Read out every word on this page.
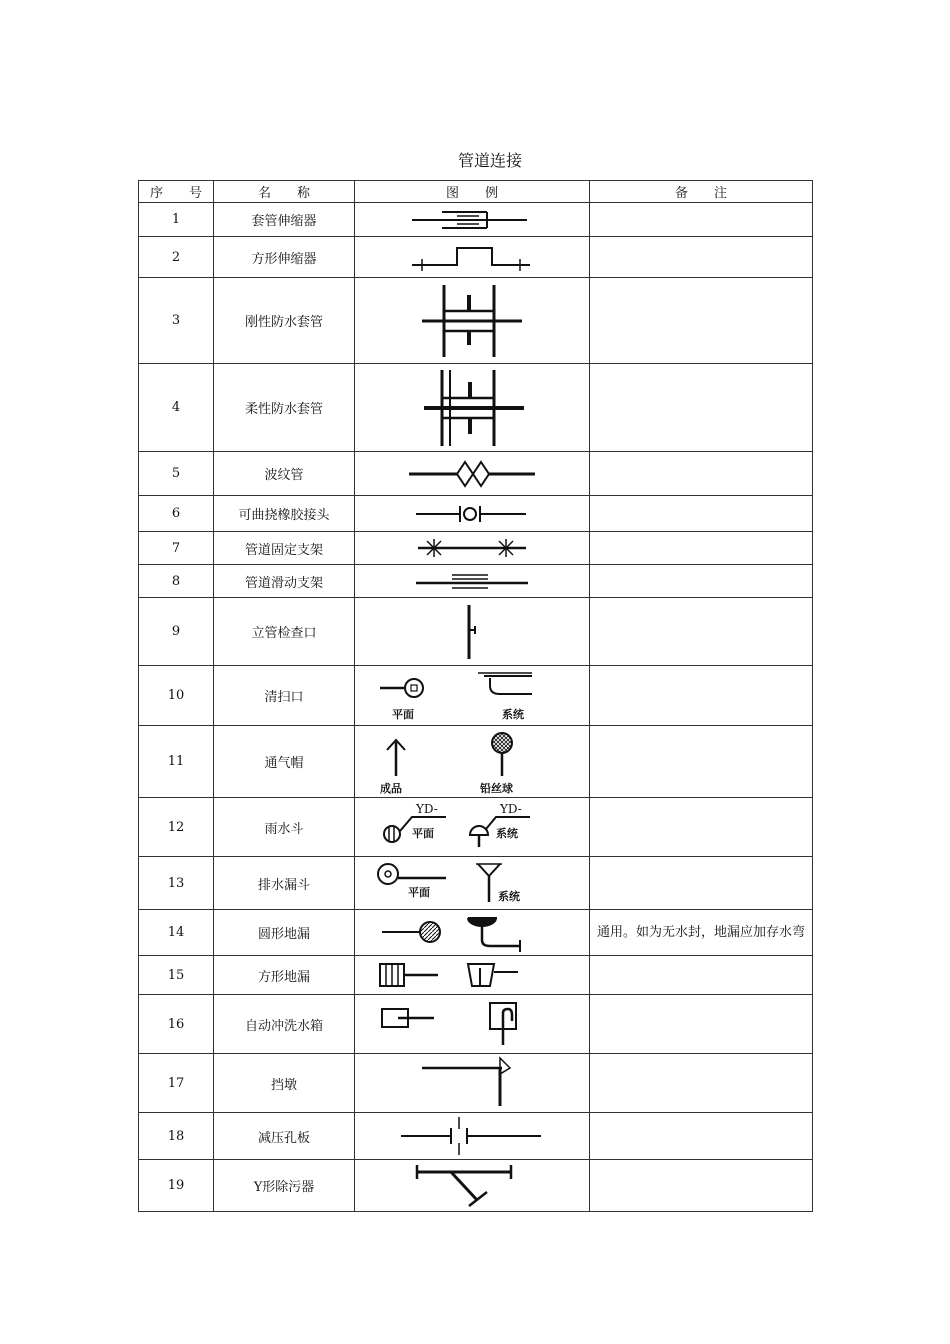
管道连接
序　　号	名　　称	图　　例	备　　注
1	套管伸缩器	

2	方形伸缩器	

3	刚性防水套管	

4	柔性防水套管	

5	波纹管	

6	可曲挠橡胶接头	

7	管道固定支架	

8	管道滑动支架	

9	立管检查口	

10	清扫口	平面 系统	

11	通气帽	成品 铅丝球	

12	雨水斗	YD- YD-
平面 系统	

13	排水漏斗	平面 系统	

14	圆形地漏		通用。如为无水封，地漏应加存水弯
15	方形地漏	

16	自动冲洗水箱	

17	挡墩	

18	减压孔板	

19	Y形除污器	
